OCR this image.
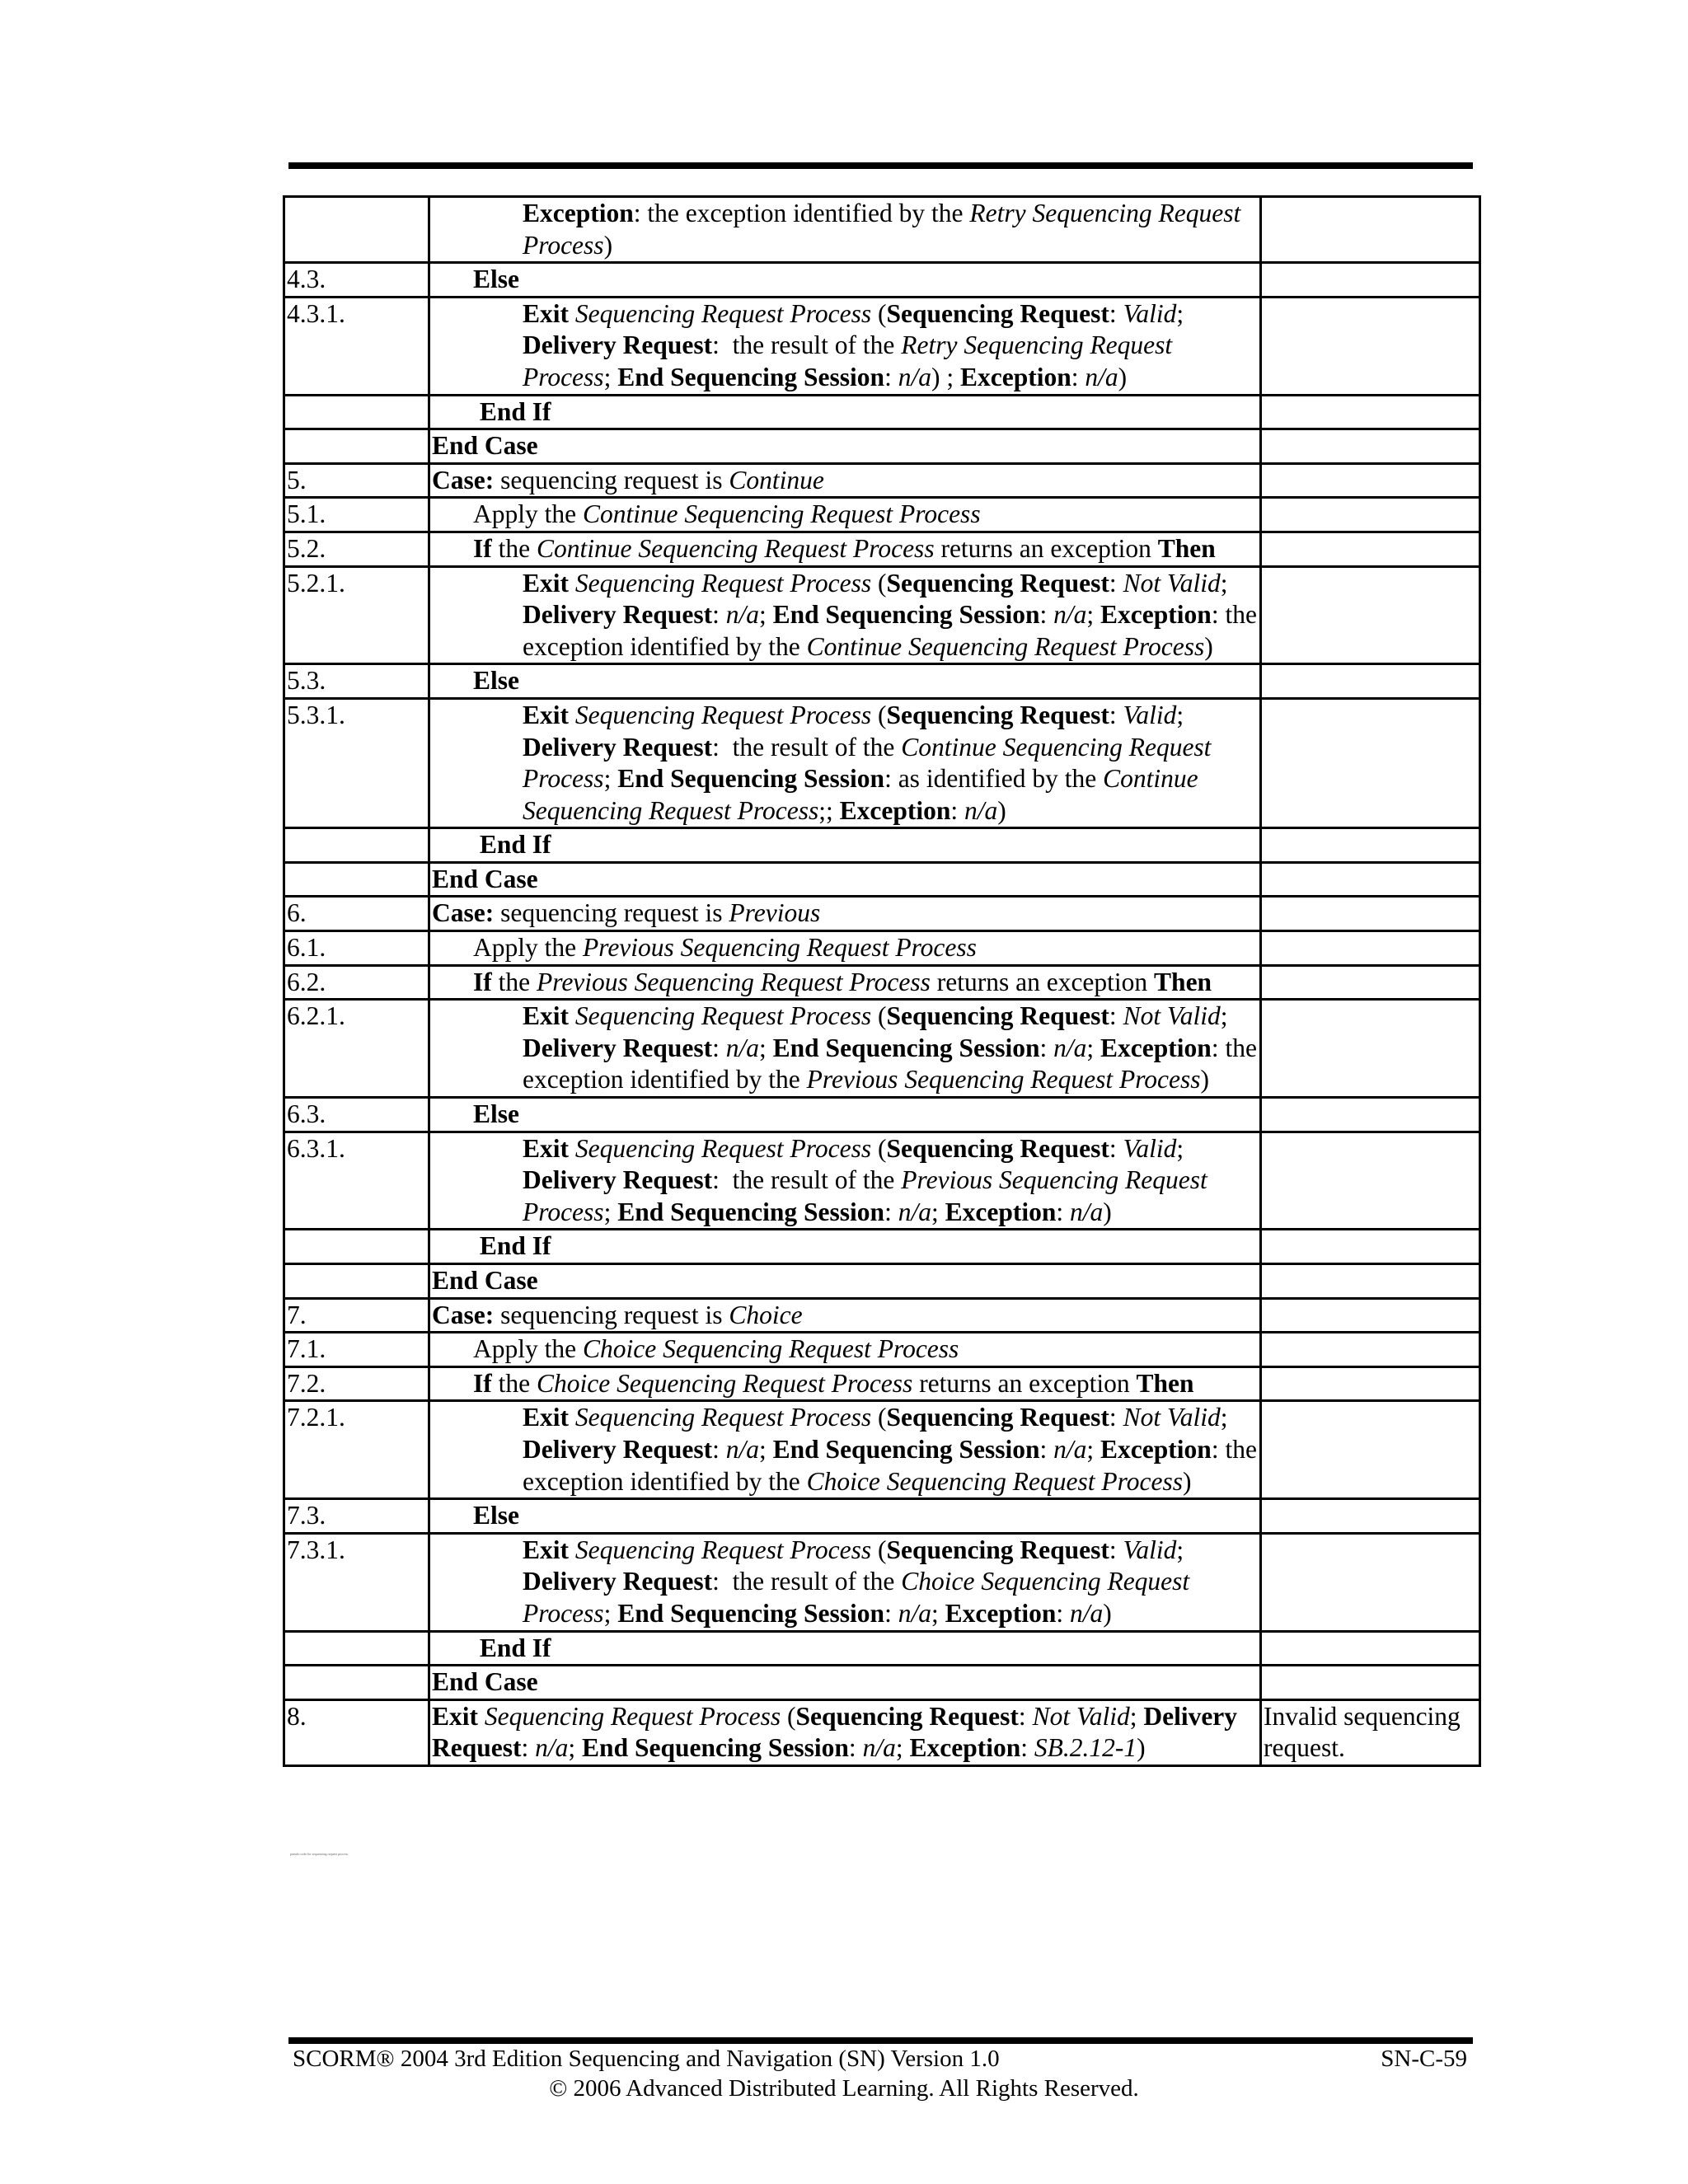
	Exception: the exception identified by the Retry Sequencing Request Process)	

4.3.	Else	

4.3.1.	Exit Sequencing Request Process (Sequencing Request: Valid; Delivery Request:  the result of the Retry Sequencing Request Process; End Sequencing Session: n/a) ; Exception: n/a)	

	End If	

	End Case	
5.	Case: sequencing request is Continue	
5.1.	Apply the Continue Sequencing Request Process	

5.2.	If the Continue Sequencing Request Process returns an exception Then	

5.2.1.	Exit Sequencing Request Process (Sequencing Request: Not Valid; Delivery Request: n/a; End Sequencing Session: n/a; Exception: the exception identified by the Continue Sequencing Request Process)	

5.3.	Else	

5.3.1.	Exit Sequencing Request Process (Sequencing Request: Valid; Delivery Request:  the result of the Continue Sequencing Request Process; End Sequencing Session: as identified by the Continue Sequencing Request Process;; Exception: n/a)	

	End If	

	End Case	
6.	Case: sequencing request is Previous	
6.1.	Apply the Previous Sequencing Request Process	

6.2.	If the Previous Sequencing Request Process returns an exception Then	

6.2.1.	Exit Sequencing Request Process (Sequencing Request: Not Valid; Delivery Request: n/a; End Sequencing Session: n/a; Exception: the exception identified by the Previous Sequencing Request Process)	

6.3.	Else	

6.3.1.	Exit Sequencing Request Process (Sequencing Request: Valid; Delivery Request:  the result of the Previous Sequencing Request Process; End Sequencing Session: n/a; Exception: n/a)	

	End If	

	End Case	
7.	Case: sequencing request is Choice	
7.1.	Apply the Choice Sequencing Request Process	

7.2.	If the Choice Sequencing Request Process returns an exception Then	

7.2.1.	Exit Sequencing Request Process (Sequencing Request: Not Valid; Delivery Request: n/a; End Sequencing Session: n/a; Exception: the exception identified by the Choice Sequencing Request Process)	

7.3.	Else	

7.3.1.	Exit Sequencing Request Process (Sequencing Request: Valid; Delivery Request:  the result of the Choice Sequencing Request Process; End Sequencing Session: n/a; Exception: n/a)	

	End If	

	End Case	
8.	Exit Sequencing Request Process (Sequencing Request: Not Valid; Delivery Request: n/a; End Sequencing Session: n/a; Exception: SB.2.12-1)	Invalid sequencing request.
pseudo code for sequencing request process
SCORM® 2004 3rd Edition Sequencing and Navigation (SN) Version 1.0	SN-C-59
© 2006 Advanced Distributed Learning. All Rights Reserved.
